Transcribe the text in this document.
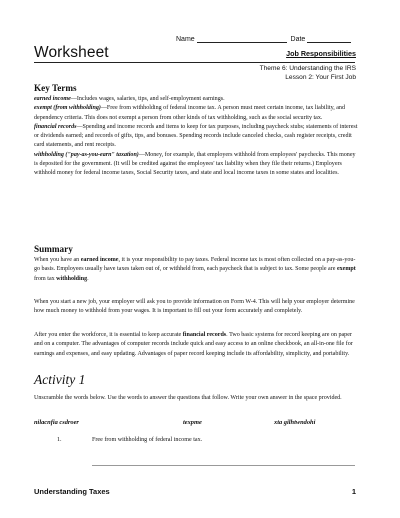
Name	Date
Worksheet	Job Responsibilities
Theme 6: Understanding the IRS
Lesson 2: Your First Job
Key Terms

earned income—Includes wages, salaries, tips, and self-employment earnings.

exempt (from withholding)—Free from withholding of federal income tax. A person must meet certain income, tax liability, and dependency criteria. This does not exempt a person from other kinds of tax withholding, such as the social security tax.

financial records—Spending and income records and items to keep for tax purposes, including paycheck stubs; statements of interest or dividends earned; and records of gifts, tips, and bonuses. Spending records include canceled checks, cash register receipts, credit card statements, and rent receipts.

withholding ("pay-as-you-earn" taxation)—Money, for example, that employers withhold from employees' paychecks. This money is deposited for the government. (It will be credited against the employees' tax liability when they file their returns.) Employers withhold money for federal income taxes, Social Security taxes, and state and local income taxes in some states and localities.

Summary

When you have an earned income, it is your responsibility to pay taxes. Federal income tax is most often collected on a pay-as-you-go basis. Employees usually have taxes taken out of, or withheld from, each paycheck that is subject to tax. Some people are exempt from tax withholding.

When you start a new job, your employer will ask you to provide information on Form W-4. This will help your employer determine how much money to withhold from your wages. It is important to fill out your form accurately and completely.

After you enter the workforce, it is essential to keep accurate financial records. Two basic systems for record keeping are on paper and on a computer. The advantages of computer records include quick and easy access to an online checkbook, an all-in-one file for earnings and expenses, and easy updating. Advantages of paper record keeping include its affordability, simplicity, and portability.

Activity 1

Unscramble the words below. Use the words to answer the questions that follow. Write your own answer in the space provided.

nilacnfia csdroer	texpme	xta gilhtwndohi
1.	Free from withholding of federal income tax.
Understanding Taxes	1
